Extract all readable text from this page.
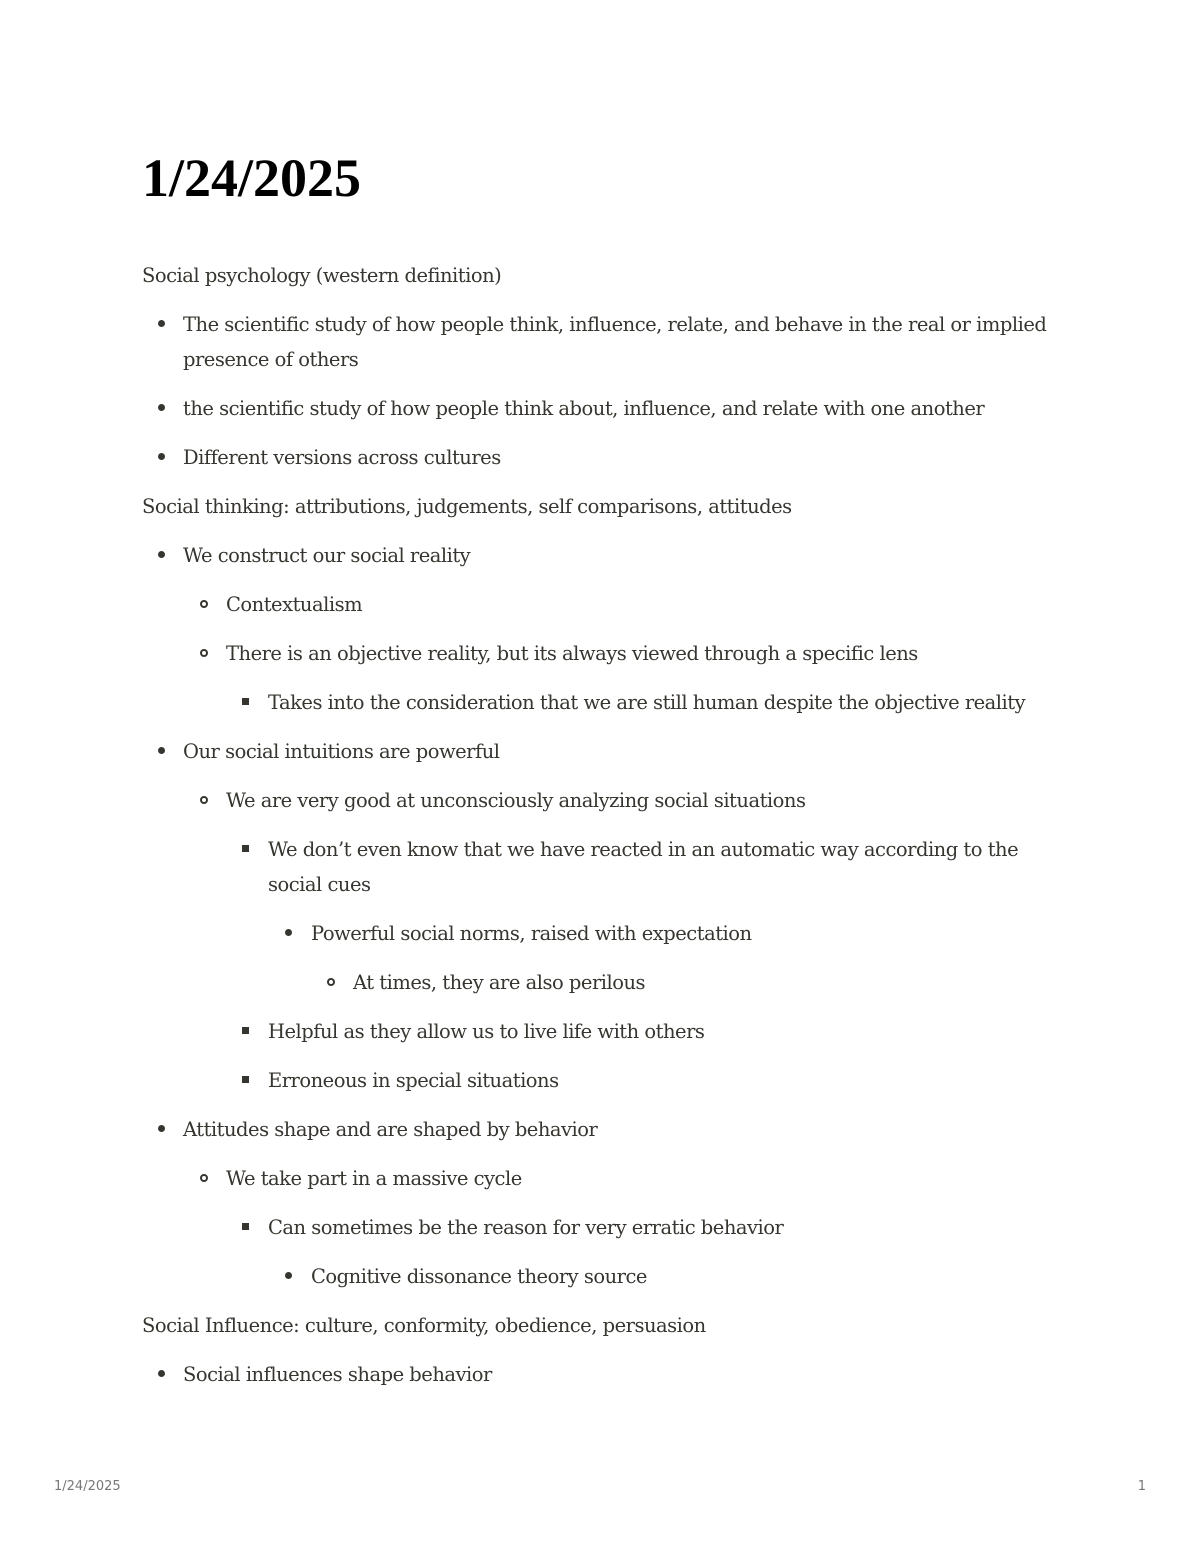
1/24/2025

Social psychology (western definition)

The scientific study of how people think, influence, relate, and behave in the real or implied presence of others
the scientific study of how people think about, influence, and relate with one another
Different versions across cultures

Social thinking: attributions, judgements, self comparisons, attitudes

We construct our social reality
Contextualism
There is an objective reality, but its always viewed through a specific lens
Takes into the consideration that we are still human despite the objective reality
Our social intuitions are powerful
We are very good at unconsciously analyzing social situations
We don’t even know that we have reacted in an automatic way according to the social cues
Powerful social norms, raised with expectation
At times, they are also perilous
Helpful as they allow us to live life with others
Erroneous in special situations
Attitudes shape and are shaped by behavior
We take part in a massive cycle
Can sometimes be the reason for very erratic behavior
Cognitive dissonance theory source

Social Influence: culture, conformity, obedience, persuasion

Social influences shape behavior
1/24/2025	1
